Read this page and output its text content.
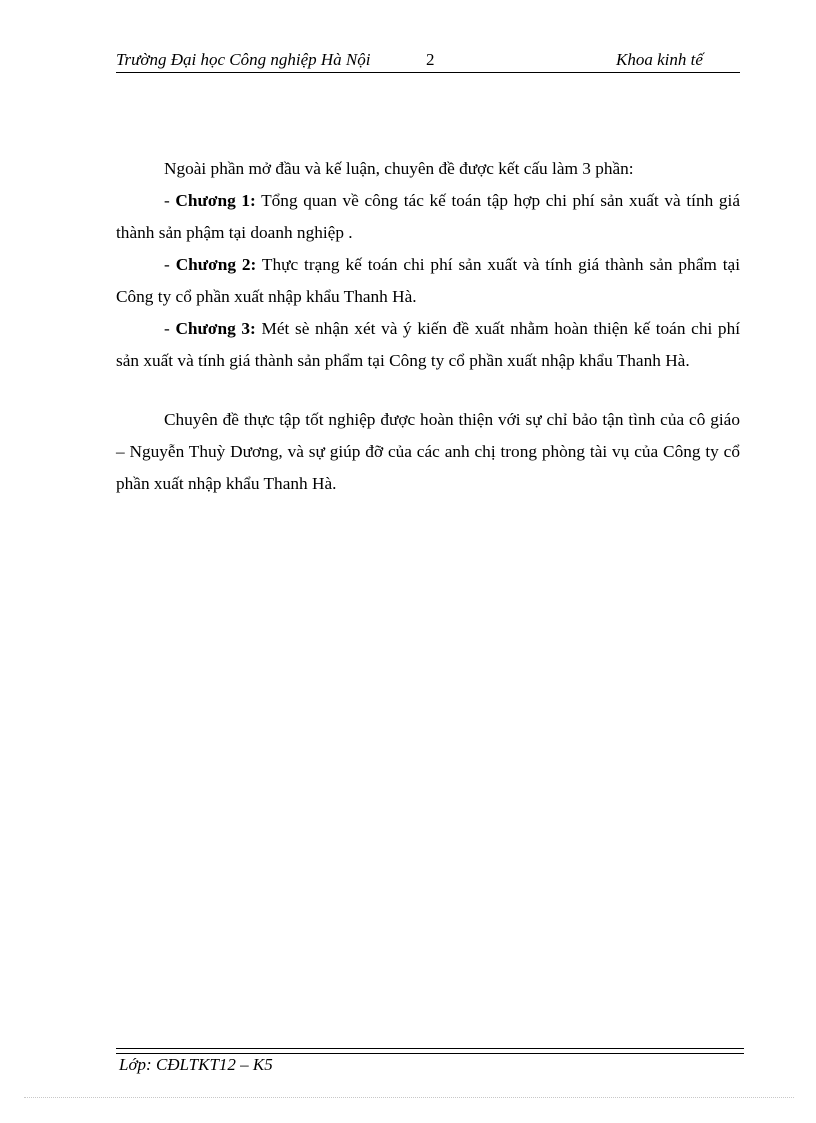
Trường Đại học Công nghiệp Hà Nội	2	Khoa kinh tế

Ngoài phần mở đầu và kế luận, chuyên đề được kết cấu làm 3 phần:

- Chương 1: Tổng quan về công tác kế toán tập hợp chi phí sản xuất và tính giá thành sản phậm tại doanh nghiệp .

- Chương 2: Thực trạng kế toán chi phí sản xuất và tính giá thành sản phẩm tại Công ty cổ phần xuất nhập khẩu Thanh Hà.

- Chương 3: Mét sè nhận xét và ý kiến đề xuất nhằm hoàn thiện kế toán chi phí sản xuất và tính giá thành sản phẩm tại Công ty cổ phần xuất nhập khẩu Thanh Hà.

Chuyên đề thực tập tốt nghiệp được hoàn thiện với sự chỉ bảo tận tình của cô giáo – Nguyễn Thuỳ Dương, và sự giúp đỡ của các anh chị trong phòng tài vụ của Công ty cổ phần xuất nhập khẩu Thanh Hà.

Lớp: CĐLTKT12 – K5
